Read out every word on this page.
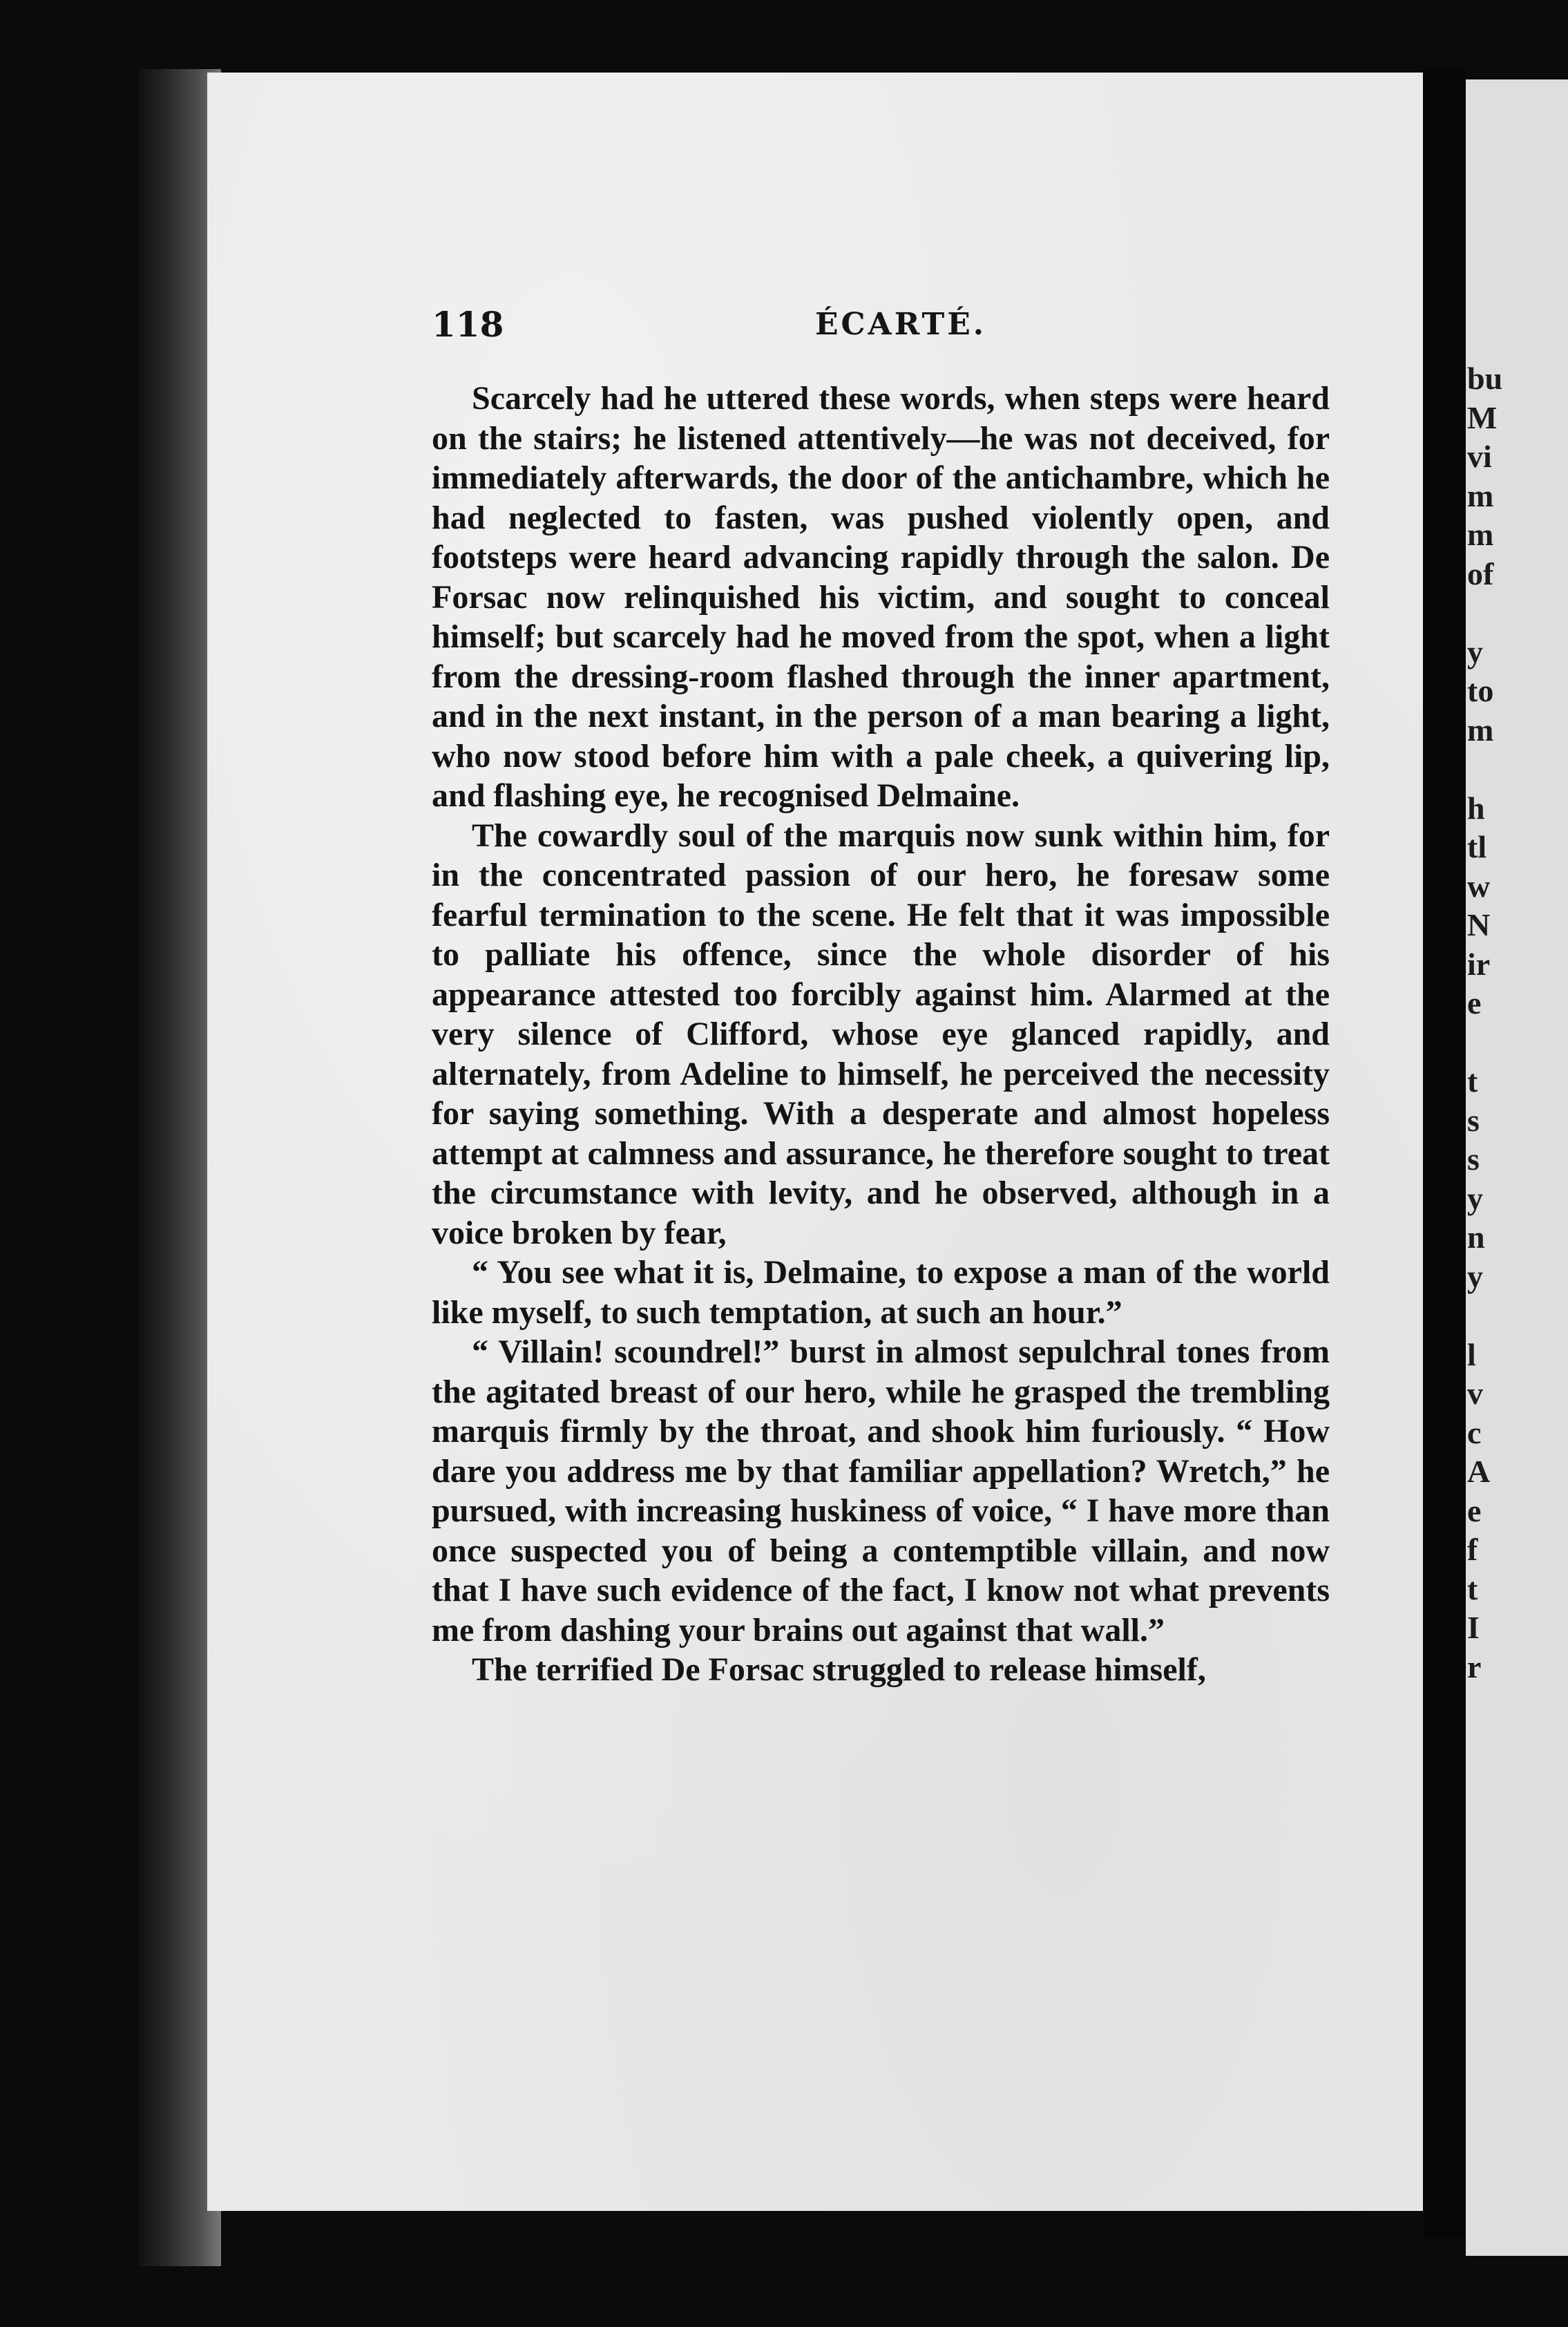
118	ÉCARTÉ.

Scarcely had he uttered these words, when steps were heard on the stairs; he listened attentively—he was not deceived, for immediately afterwards, the door of the antichambre, which he had neglected to fasten, was pushed violently open, and footsteps were heard advancing rapidly through the salon. De Forsac now relinquished his victim, and sought to conceal himself; but scarcely had he moved from the spot, when a light from the dressing-room flashed through the inner apartment, and in the next instant, in the person of a man bearing a light, who now stood before him with a pale cheek, a quivering lip, and flashing eye, he recognised Delmaine.

The cowardly soul of the marquis now sunk within him, for in the concentrated passion of our hero, he foresaw some fearful termination to the scene. He felt that it was impossible to palliate his offence, since the whole disorder of his appearance attested too forcibly against him. Alarmed at the very silence of Clifford, whose eye glanced rapidly, and alternately, from Adeline to himself, he perceived the necessity for saying something. With a desperate and almost hopeless attempt at calmness and assurance, he therefore sought to treat the circumstance with levity, and he observed, although in a voice broken by fear,

“ You see what it is, Delmaine, to expose a man of the world like myself, to such temptation, at such an hour.”

“ Villain! scoundrel!” burst in almost sepulchral tones from the agitated breast of our hero, while he grasped the trembling marquis firmly by the throat, and shook him furiously. “ How dare you address me by that familiar appellation? Wretch,” he pursued, with increasing huskiness of voice, “ I have more than once suspected you of being a contemptible villain, and now that I have such evidence of the fact, I know not what prevents me from dashing your brains out against that wall.”

The terrified De Forsac struggled to release himself,

bu
M
vi
m
m
of
y
to
m
h
tl
w
N
ir
e
t
s
s
y
n
y
l
v
c
A
e
f
t
I
r
